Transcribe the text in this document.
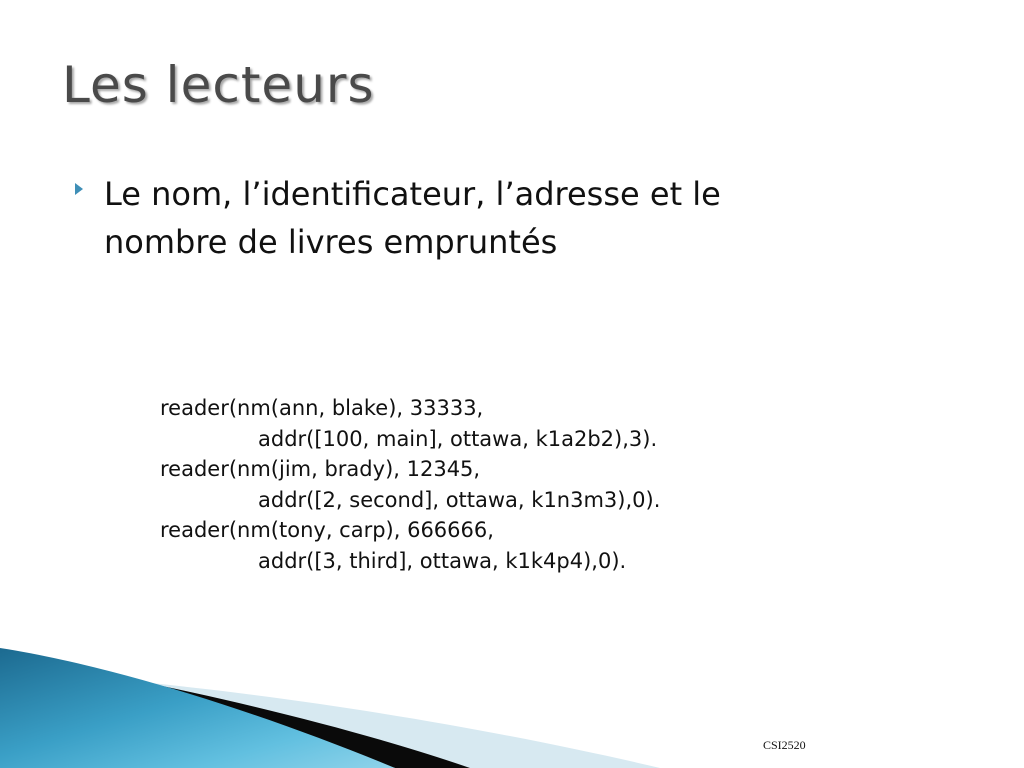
Les lecteurs
Le nom, l’identificateur, l’adresse et le nombre de livres empruntés
reader(nm(ann, blake), 33333,
addr([100, main], ottawa, k1a2b2),3).
reader(nm(jim, brady), 12345,
addr([2, second], ottawa, k1n3m3),0).
reader(nm(tony, carp), 666666,
addr([3, third], ottawa, k1k4p4),0).
CSI2520
